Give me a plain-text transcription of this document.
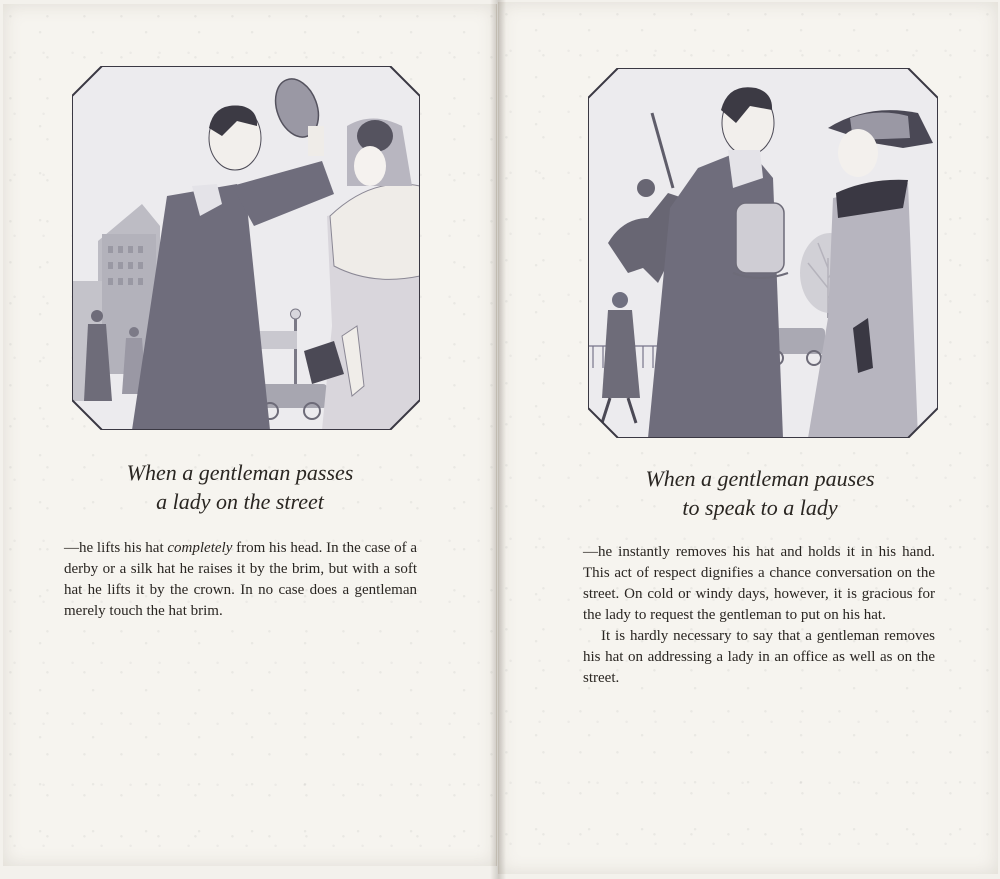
When a gentleman passes
a lady on the street

—he lifts his hat completely from his head. In the case of a derby or a silk hat he raises it by the brim, but with a soft hat he lifts it by the crown. In no case does a gentleman merely touch the hat brim.

When a gentleman pauses
to speak to a lady

—he instantly removes his hat and holds it in his hand. This act of respect dignifies a chance conversation on the street. On cold or windy days, however, it is gracious for the lady to request the gentleman to put on his hat.

It is hardly necessary to say that a gentleman removes his hat on addressing a lady in an office as well as on the street.
